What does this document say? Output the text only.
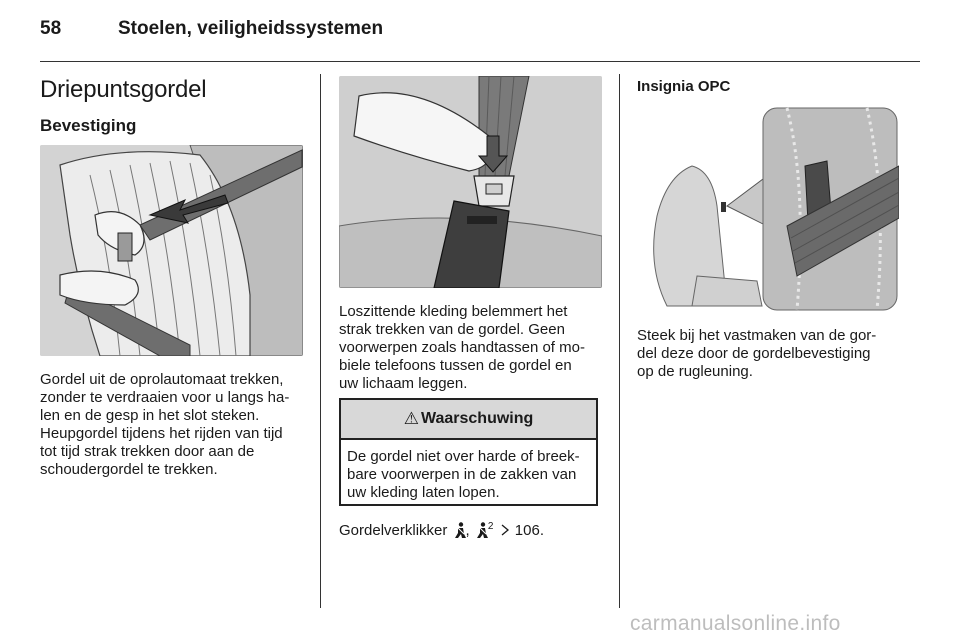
58	Stoelen, veiligheidssystemen
Driepuntsgordel
Bevestiging

Gordel uit de oprolautomaat trekken,
zonder te verdraaien voor u langs ha-
len en de gesp in het slot steken.
Heupgordel tijdens het rijden van tijd
tot tijd strak trekken door aan de
schoudergordel te trekken.

Loszittende kleding belemmert het
strak trekken van de gordel. Geen
voorwerpen zoals handtassen of mo-
biele telefoons tussen de gordel en
uw lichaam leggen.

⚠ Waarschuwing
De gordel niet over harde of breek-
bare voorwerpen in de zakken van
uw kleding laten lopen.
Gordelverklikker , $^2$ 106.
Insignia OPC

Steek bij het vastmaken van de gor-
del deze door de gordelbevestiging
op de rugleuning.

carmanualsonline.info
